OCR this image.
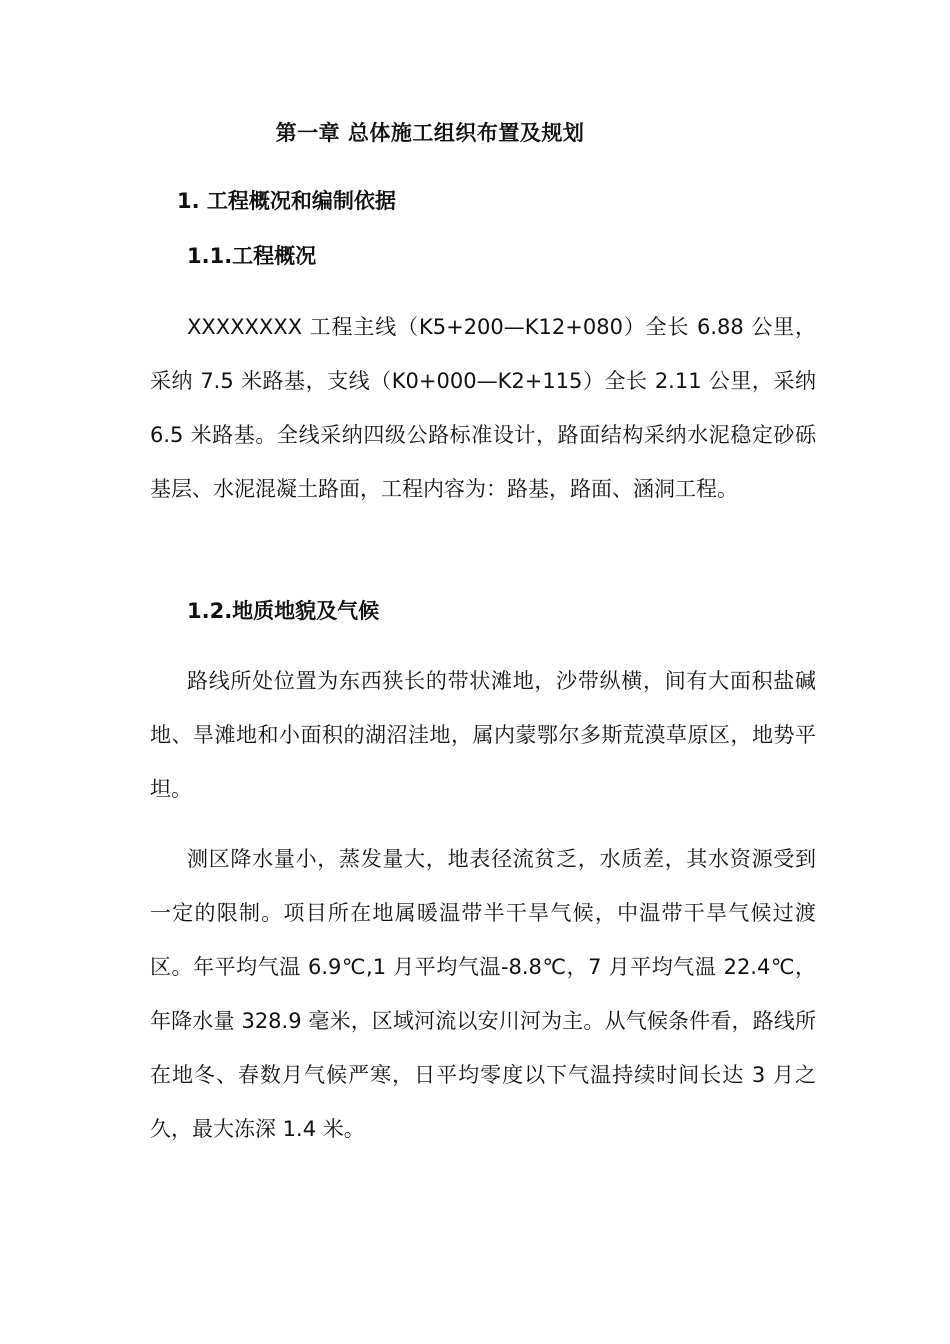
第一章 总体施工组织布置及规划
1. 工程概况和编制依据
1.1.工程概况

XXXXXXXX 工程主线（K5+200—K12+080）全长 6.88 公里，采纳 7.5 米路基，支线（K0+000—K2+115）全长 2.11 公里，采纳 6.5 米路基。全线采纳四级公路标准设计，路面结构采纳水泥稳定砂砾基层、水泥混凝土路面，工程内容为：路基，路面、涵洞工程。

1.2.地质地貌及气候

路线所处位置为东西狭长的带状滩地，沙带纵横，间有大面积盐碱地、旱滩地和小面积的湖沼洼地，属内蒙鄂尔多斯荒漠草原区，地势平坦。

测区降水量小，蒸发量大，地表径流贫乏，水质差，其水资源受到一定的限制。项目所在地属暖温带半干旱气候，中温带干旱气候过渡区。年平均气温 6.9℃,1 月平均气温-8.8℃，7 月平均气温 22.4℃，年降水量 328.9 毫米，区域河流以安川河为主。从气候条件看，路线所在地冬、春数月气候严寒，日平均零度以下气温持续时间长达 3 月之久，最大冻深 1.4 米。
